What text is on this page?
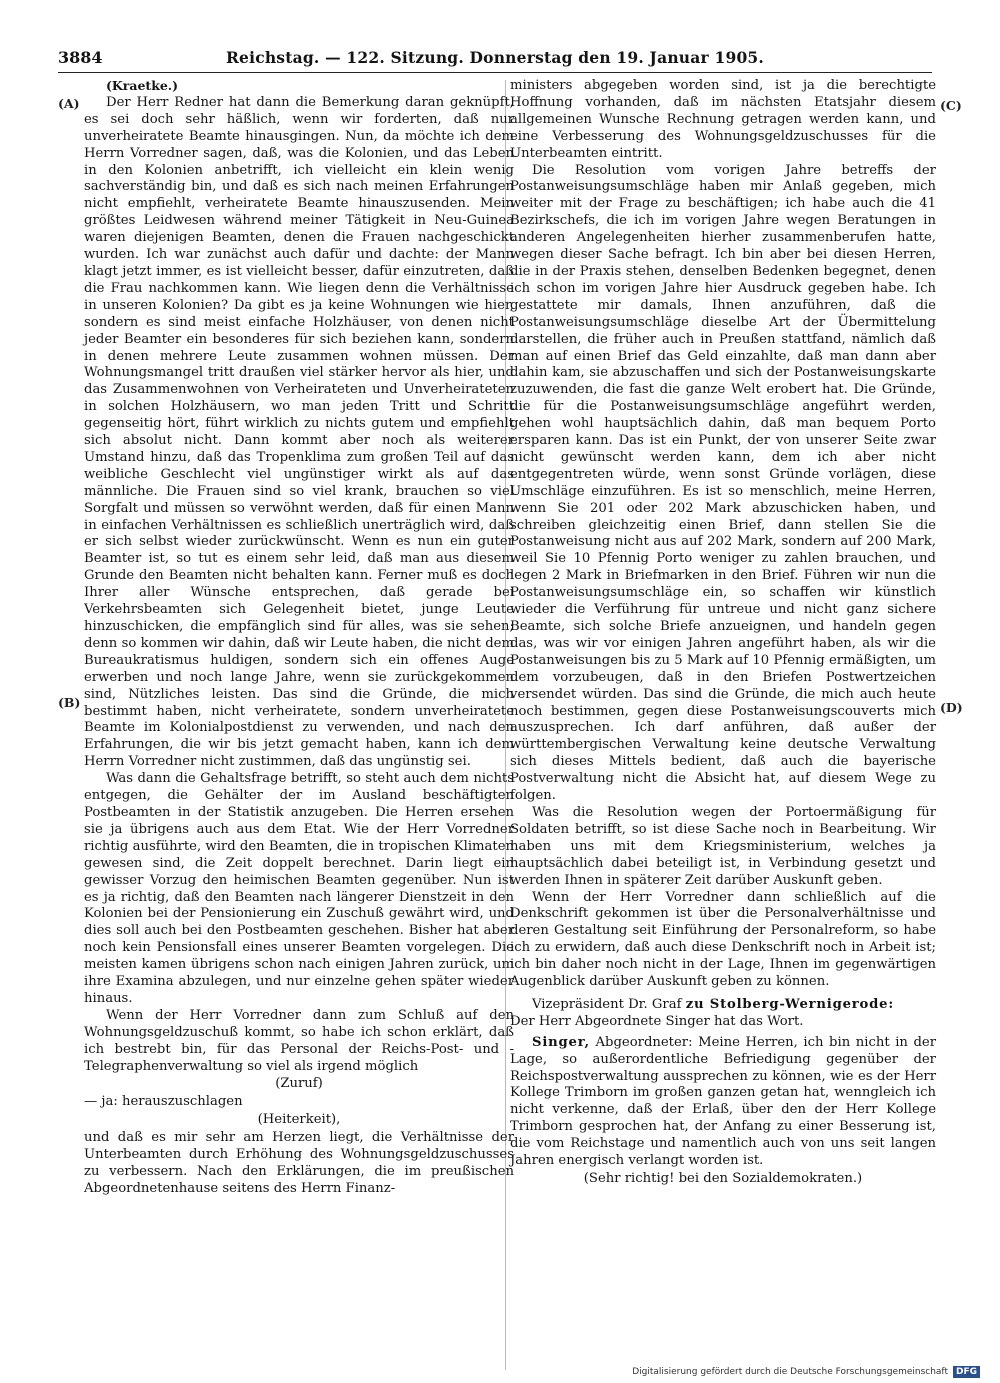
3884	Reichstag. — 122. Sitzung. Donnerstag den 19. Januar 1905.
(A)
(B)
(C)
(D)

(Kraetke.)

Der Herr Redner hat dann die Bemerkung daran geknüpft, es sei doch sehr häßlich, wenn wir forderten, daß nur unverheiratete Beamte hinausgingen. Nun, da möchte ich dem Herrn Vorredner sagen, daß, was die Kolonien, und das Leben in den Kolonien anbetrifft, ich vielleicht ein klein wenig sachverständig bin, und daß es sich nach meinen Erfahrungen nicht empfiehlt, verheiratete Beamte hinauszusenden. Mein größtes Leidwesen während meiner Tätigkeit in Neu-Guinea waren diejenigen Beamten, denen die Frauen nachgeschickt wurden. Ich war zunächst auch dafür und dachte: der Mann klagt jetzt immer, es ist vielleicht besser, dafür einzutreten, daß die Frau nachkommen kann. Wie liegen denn die Verhältnisse in unseren Kolonien? Da gibt es ja keine Wohnungen wie hier, sondern es sind meist einfache Holzhäuser, von denen nicht jeder Beamter ein besonderes für sich beziehen kann, sondern in denen mehrere Leute zusammen wohnen müssen. Der Wohnungsmangel tritt draußen viel stärker hervor als hier, und das Zusammenwohnen von Verheirateten und Unverheirateten in solchen Holzhäusern, wo man jeden Tritt und Schritt gegenseitig hört, führt wirklich zu nichts gutem und empfiehlt sich absolut nicht. Dann kommt aber noch als weiterer Umstand hinzu, daß das Tropenklima zum großen Teil auf das weibliche Geschlecht viel ungünstiger wirkt als auf das männliche. Die Frauen sind so viel krank, brauchen so viel Sorgfalt und müssen so verwöhnt werden, daß für einen Mann in einfachen Verhältnissen es schließlich unerträglich wird, daß er sich selbst wieder zurückwünscht. Wenn es nun ein guter Beamter ist, so tut es einem sehr leid, daß man aus diesem Grunde den Beamten nicht behalten kann. Ferner muß es doch Ihrer aller Wünsche entsprechen, daß gerade bei Verkehrsbeamten sich Gelegenheit bietet, junge Leute hinzuschicken, die empfänglich sind für alles, was sie sehen; denn so kommen wir dahin, daß wir Leute haben, die nicht dem Bureaukratismus huldigen, sondern sich ein offenes Auge erwerben und noch lange Jahre, wenn sie zurückgekommen sind, Nützliches leisten. Das sind die Gründe, die mich bestimmt haben, nicht verheiratete, sondern unverheiratete Beamte im Kolonialpostdienst zu verwenden, und nach den Erfahrungen, die wir bis jetzt gemacht haben, kann ich dem Herrn Vorredner nicht zustimmen, daß das ungünstig sei.

Was dann die Gehaltsfrage betrifft, so steht auch dem nichts entgegen, die Gehälter der im Ausland beschäftigten Postbeamten in der Statistik anzugeben. Die Herren ersehen sie ja übrigens auch aus dem Etat. Wie der Herr Vorredner richtig ausführte, wird den Beamten, die in tropischen Klimaten gewesen sind, die Zeit doppelt berechnet. Darin liegt ein gewisser Vorzug den heimischen Beamten gegenüber. Nun ist es ja richtig, daß den Beamten nach längerer Dienstzeit in den Kolonien bei der Pensionierung ein Zuschuß gewährt wird, und dies soll auch bei den Postbeamten geschehen. Bisher hat aber noch kein Pensionsfall eines unserer Beamten vorgelegen. Die meisten kamen übrigens schon nach einigen Jahren zurück, um ihre Examina abzulegen, und nur einzelne gehen später wieder hinaus.

Wenn der Herr Vorredner dann zum Schluß auf den Wohnungsgeldzuschuß kommt, so habe ich schon erklärt, daß ich bestrebt bin, für das Personal der Reichs-Post- und -Telegraphenverwaltung so viel als irgend möglich

(Zuruf)

— ja: herauszuschlagen

(Heiterkeit),

und daß es mir sehr am Herzen liegt, die Verhältnisse der Unterbeamten durch Erhöhung des Wohnungsgeldzuschusses zu verbessern. Nach den Erklärungen, die im preußischen Abgeordnetenhause seitens des Herrn Finanz-

ministers abgegeben worden sind, ist ja die berechtigte Hoffnung vorhanden, daß im nächsten Etatsjahr diesem allgemeinen Wunsche Rechnung getragen werden kann, und eine Verbesserung des Wohnungsgeldzuschusses für die Unterbeamten eintritt.

Die Resolution vom vorigen Jahre betreffs der Postanweisungsumschläge haben mir Anlaß gegeben, mich weiter mit der Frage zu beschäftigen; ich habe auch die 41 Bezirkschefs, die ich im vorigen Jahre wegen Beratungen in anderen Angelegenheiten hierher zusammenberufen hatte, wegen dieser Sache befragt. Ich bin aber bei diesen Herren, die in der Praxis stehen, denselben Bedenken begegnet, denen ich schon im vorigen Jahre hier Ausdruck gegeben habe. Ich gestattete mir damals, Ihnen anzuführen, daß die Postanweisungsumschläge dieselbe Art der Übermittelung darstellen, die früher auch in Preußen stattfand, nämlich daß man auf einen Brief das Geld einzahlte, daß man dann aber dahin kam, sie abzuschaffen und sich der Postanweisungskarte zuzuwenden, die fast die ganze Welt erobert hat. Die Gründe, die für die Postanweisungsumschläge angeführt werden, gehen wohl hauptsächlich dahin, daß man bequem Porto ersparen kann. Das ist ein Punkt, der von unserer Seite zwar nicht gewünscht werden kann, dem ich aber nicht entgegentreten würde, wenn sonst Gründe vorlägen, diese Umschläge einzuführen. Es ist so menschlich, meine Herren, wenn Sie 201 oder 202 Mark abzuschicken haben, und schreiben gleichzeitig einen Brief, dann stellen Sie die Postanweisung nicht aus auf 202 Mark, sondern auf 200 Mark, weil Sie 10 Pfennig Porto weniger zu zahlen brauchen, und legen 2 Mark in Briefmarken in den Brief. Führen wir nun die Postanweisungsumschläge ein, so schaffen wir künstlich wieder die Verführung für untreue und nicht ganz sichere Beamte, sich solche Briefe anzueignen, und handeln gegen das, was wir vor einigen Jahren angeführt haben, als wir die Postanweisungen bis zu 5 Mark auf 10 Pfennig ermäßigten, um dem vorzubeugen, daß in den Briefen Postwertzeichen versendet würden. Das sind die Gründe, die mich auch heute noch bestimmen, gegen diese Postanweisungscouverts mich auszusprechen. Ich darf anführen, daß außer der württembergischen Verwaltung keine deutsche Verwaltung sich dieses Mittels bedient, daß auch die bayerische Postverwaltung nicht die Absicht hat, auf diesem Wege zu folgen.

Was die Resolution wegen der Portoermäßigung für Soldaten betrifft, so ist diese Sache noch in Bearbeitung. Wir haben uns mit dem Kriegsministerium, welches ja hauptsächlich dabei beteiligt ist, in Verbindung gesetzt und werden Ihnen in späterer Zeit darüber Auskunft geben.

Wenn der Herr Vorredner dann schließlich auf die Denkschrift gekommen ist über die Personalverhältnisse und deren Gestaltung seit Einführung der Personalreform, so habe ich zu erwidern, daß auch diese Denkschrift noch in Arbeit ist; ich bin daher noch nicht in der Lage, Ihnen im gegenwärtigen Augenblick darüber Auskunft geben zu können.

Vizepräsident Dr. Graf zu Stolberg-Wernigerode:
Der Herr Abgeordnete Singer hat das Wort.

Singer, Abgeordneter: Meine Herren, ich bin nicht in der Lage, so außerordentliche Befriedigung gegenüber der Reichspostverwaltung aussprechen zu können, wie es der Herr Kollege Trimborn im großen ganzen getan hat, wenngleich ich nicht verkenne, daß der Erlaß, über den der Herr Kollege Trimborn gesprochen hat, der Anfang zu einer Besserung ist, die vom Reichstage und namentlich auch von uns seit langen Jahren energisch verlangt worden ist.

(Sehr richtig! bei den Sozialdemokraten.)

Digitalisierung gefördert durch die Deutsche Forschungsgemeinschaft DFG
